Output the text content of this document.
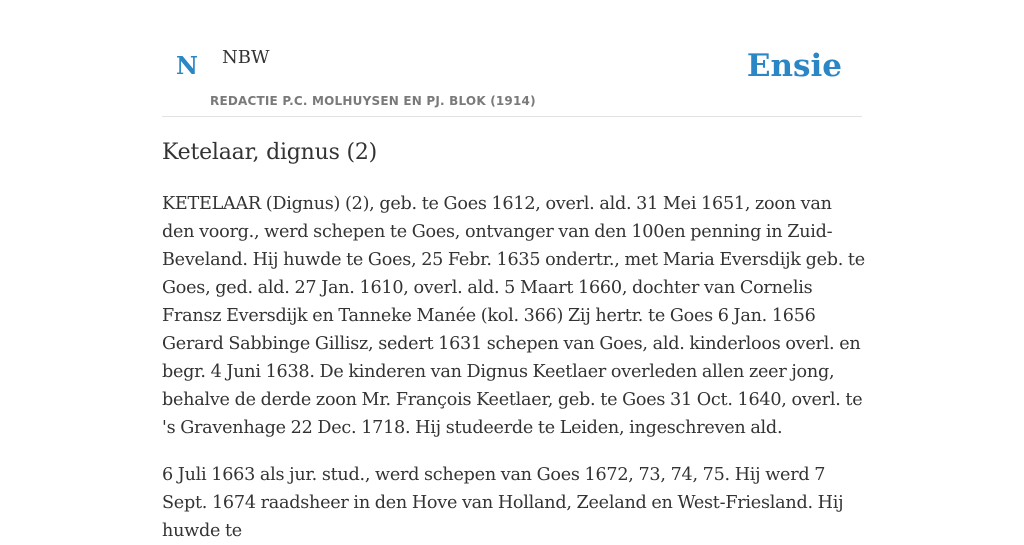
N NBW
REDACTIE P.C. MOLHUYSEN EN PJ. BLOK (1914)
Ensie
Ketelaar, dignus (2)

KETELAAR (Dignus) (2), geb. te Goes 1612, overl. ald. 31 Mei 1651, zoon van den voorg., werd schepen te Goes, ontvanger van den 100en penning in Zuid-Beveland. Hij huwde te Goes, 25 Febr. 1635 ondertr., met Maria Eversdijk geb. te Goes, ged. ald. 27 Jan. 1610, overl. ald. 5 Maart 1660, dochter van Cornelis Fransz Eversdijk en Tanneke Manée (kol. 366) Zij hertr. te Goes 6 Jan. 1656 Gerard Sabbinge Gillisz, sedert 1631 schepen van Goes, ald. kinderloos overl. en begr. 4 Juni 1638. De kinderen van Dignus Keetlaer overleden allen zeer jong, behalve de derde zoon Mr. François Keetlaer, geb. te Goes 31 Oct. 1640, overl. te 's Gravenhage 22 Dec. 1718. Hij studeerde te Leiden, ingeschreven ald.

6 Juli 1663 als jur. stud., werd schepen van Goes 1672, 73, 74, 75. Hij werd 7 Sept. 1674 raadsheer in den Hove van Holland, Zeeland en West-Friesland. Hij huwde te
